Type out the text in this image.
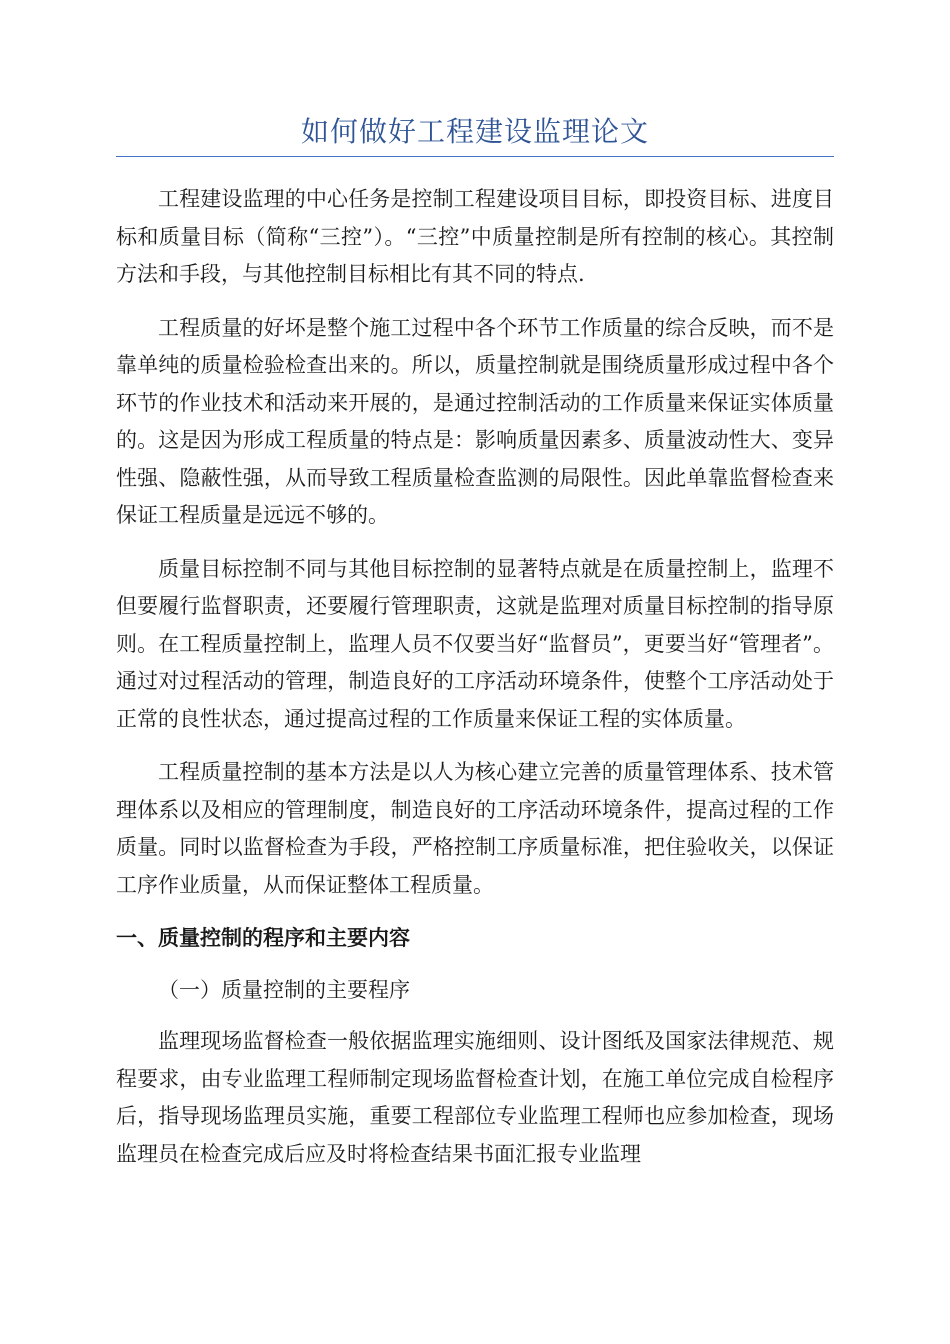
如何做好工程建设监理论文

工程建设监理的中心任务是控制工程建设项目目标，即投资目标、进度目标和质量目标（简称“三控”）。“三控”中质量控制是所有控制的核心。其控制方法和手段，与其他控制目标相比有其不同的特点.

工程质量的好坏是整个施工过程中各个环节工作质量的综合反映，而不是靠单纯的质量检验检查出来的。所以，质量控制就是围绕质量形成过程中各个环节的作业技术和活动来开展的，是通过控制活动的工作质量来保证实体质量的。这是因为形成工程质量的特点是：影响质量因素多、质量波动性大、变异性强、隐蔽性强，从而导致工程质量检查监测的局限性。因此单靠监督检查来保证工程质量是远远不够的。

质量目标控制不同与其他目标控制的显著特点就是在质量控制上，监理不但要履行监督职责，还要履行管理职责，这就是监理对质量目标控制的指导原则。在工程质量控制上，监理人员不仅要当好“监督员”，更要当好“管理者”。通过对过程活动的管理，制造良好的工序活动环境条件，使整个工序活动处于正常的良性状态，通过提高过程的工作质量来保证工程的实体质量。

工程质量控制的基本方法是以人为核心建立完善的质量管理体系、技术管理体系以及相应的管理制度，制造良好的工序活动环境条件，提高过程的工作质量。同时以监督检查为手段，严格控制工序质量标准，把住验收关，以保证工序作业质量，从而保证整体工程质量。

一、质量控制的程序和主要内容
（一）质量控制的主要程序

监理现场监督检查一般依据监理实施细则、设计图纸及国家法律规范、规程要求，由专业监理工程师制定现场监督检查计划，在施工单位完成自检程序后，指导现场监理员实施，重要工程部位专业监理工程师也应参加检查，现场监理员在检查完成后应及时将检查结果书面汇报专业监理
